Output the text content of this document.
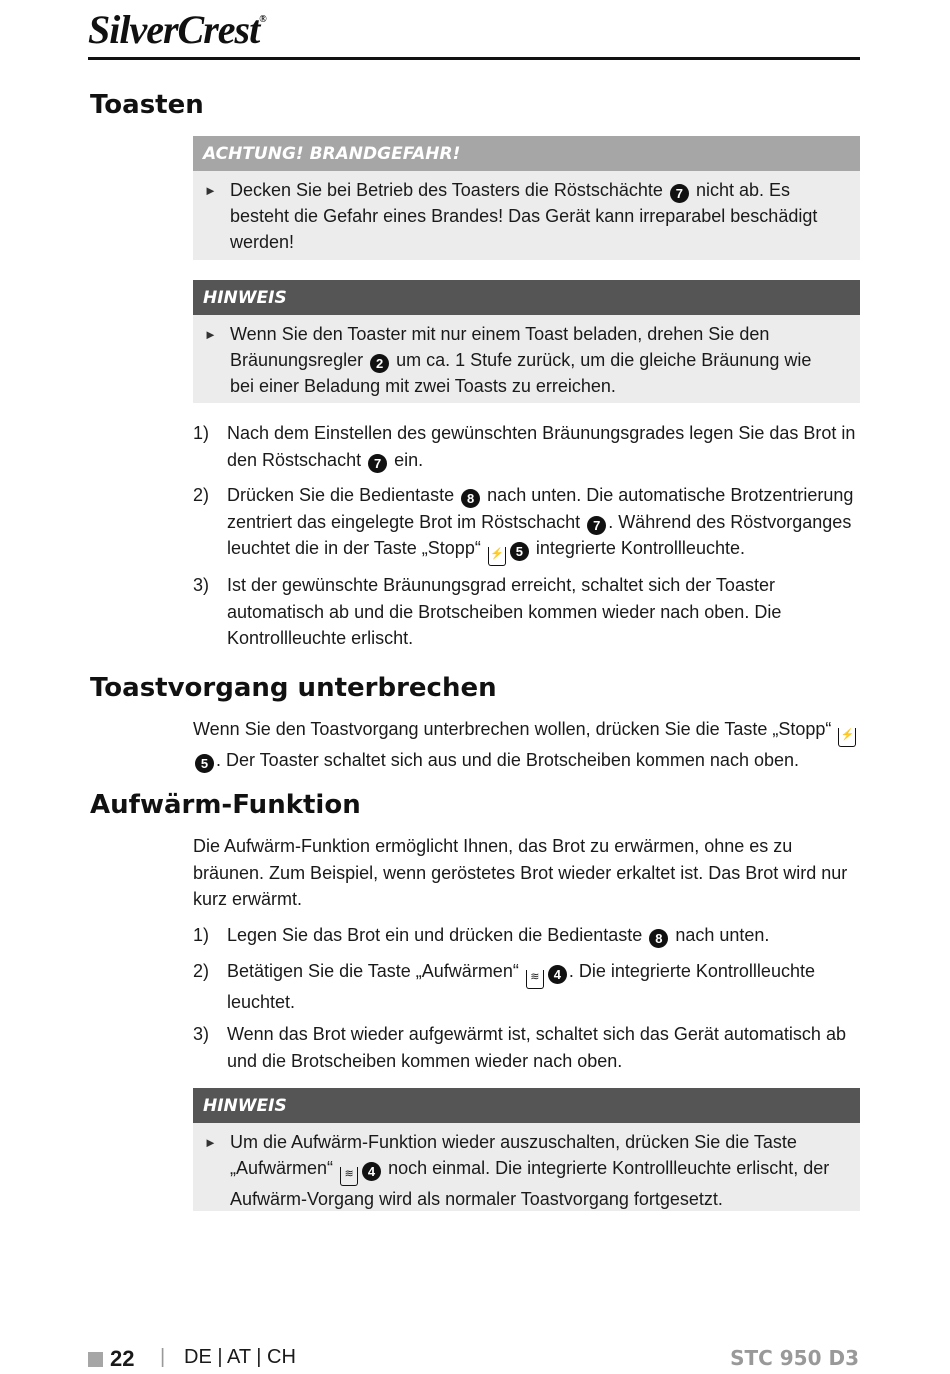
SilverCrest®
Toasten
ACHTUNG! BRANDGEFAHR!
► Decken Sie bei Betrieb des Toasters die Röstschächte 7 nicht ab. Es besteht die Gefahr eines Brandes! Das Gerät kann irreparabel beschädigt werden!
HINWEIS
► Wenn Sie den Toaster mit nur einem Toast beladen, drehen Sie den Bräunungsregler 2 um ca. 1 Stufe zurück, um die gleiche Bräunung wie bei einer Beladung mit zwei Toasts zu erreichen.
1) Nach dem Einstellen des gewünschten Bräunungsgrades legen Sie das Brot in den Röstschacht 7 ein.
2) Drücken Sie die Bedientaste 8 nach unten. Die automatische Brotzentrierung zentriert das eingelegte Brot im Röstschacht 7 . Während des Röstvorganges leuchtet die in der Taste „Stopp“ ⚡ 5 integrierte Kontrollleuchte.
3) Ist der gewünschte Bräunungsgrad erreicht, schaltet sich der Toaster automatisch ab und die Brotscheiben kommen wieder nach oben. Die Kontrollleuchte erlischt.
Toastvorgang unterbrechen

Wenn Sie den Toastvorgang unterbrechen wollen, drücken Sie die Taste „Stopp“ ⚡5 . Der Toaster schaltet sich aus und die Brotscheiben kommen nach oben.

Aufwärm-Funktion

Die Aufwärm-Funktion ermöglicht Ihnen, das Brot zu erwärmen, ohne es zu bräunen. Zum Beispiel, wenn geröstetes Brot wieder erkaltet ist. Das Brot wird nur kurz erwärmt.

1) Legen Sie das Brot ein und drücken die Bedientaste 8 nach unten.
2) Betätigen Sie die Taste „Aufwärmen“ ≋ 4 . Die integrierte Kontrollleuchte leuchtet.
3) Wenn das Brot wieder aufgewärmt ist, schaltet sich das Gerät automatisch ab und die Brotscheiben kommen wieder nach oben.
HINWEIS
► Um die Aufwärm-Funktion wieder auszuschalten, drücken Sie die Taste „Aufwärmen“ ≋ 4 noch einmal. Die integrierte Kontrollleuchte erlischt, der Aufwärm-Vorgang wird als normaler Toastvorgang fortgesetzt.
22 | DE | AT | CH	STC 950 D3
